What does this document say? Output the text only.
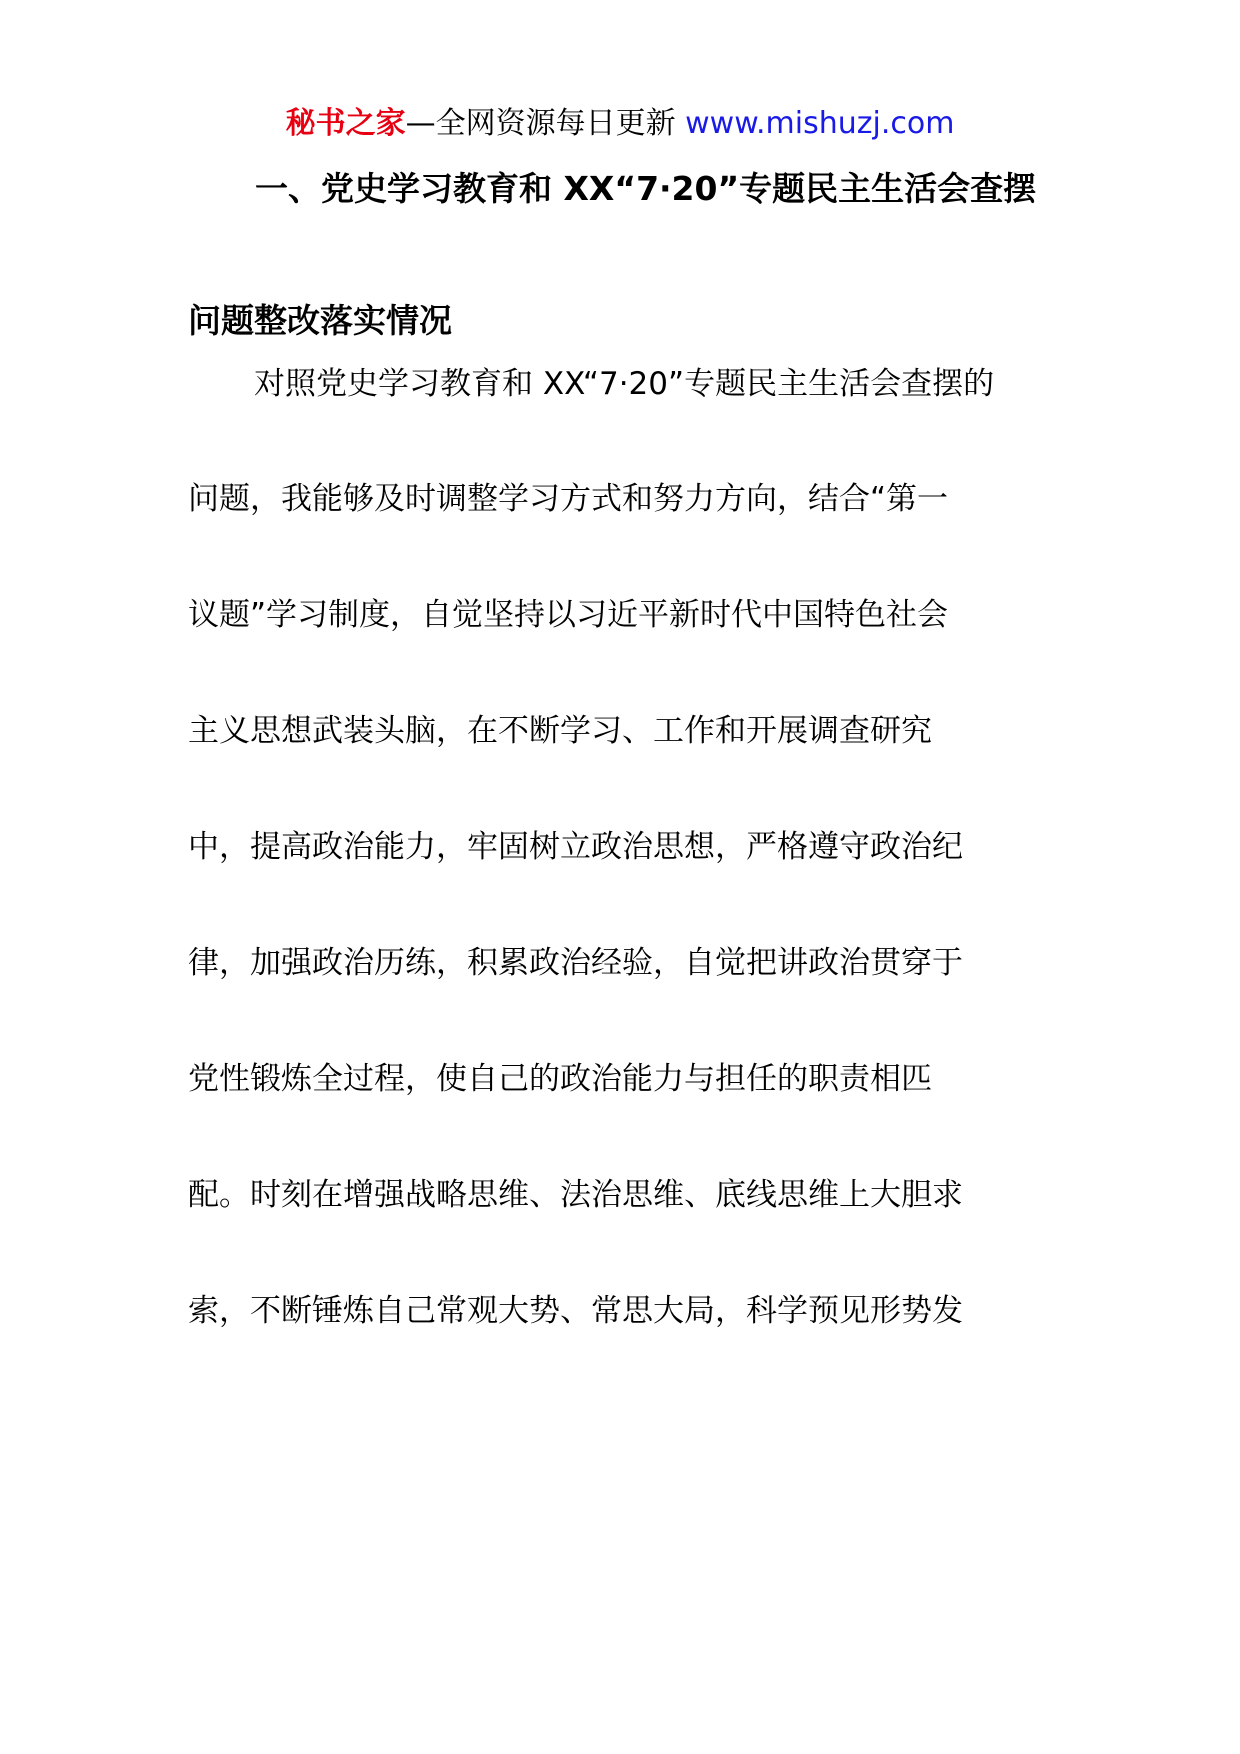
秘书之家—全网资源每日更新 www.mishuzj.com
一、党史学习教育和 XX“7·20”专题民主生活会查摆
问题整改落实情况
对照党史学习教育和 XX“7·20”专题民主生活会查摆的
问题，我能够及时调整学习方式和努力方向，结合“第一
议题”学习制度，自觉坚持以习近平新时代中国特色社会
主义思想武装头脑，在不断学习、工作和开展调查研究
中，提高政治能力，牢固树立政治思想，严格遵守政治纪
律，加强政治历练，积累政治经验，自觉把讲政治贯穿于
党性锻炼全过程，使自己的政治能力与担任的职责相匹
配。时刻在增强战略思维、法治思维、底线思维上大胆求
索，不断锤炼自己常观大势、常思大局，科学预见形势发
